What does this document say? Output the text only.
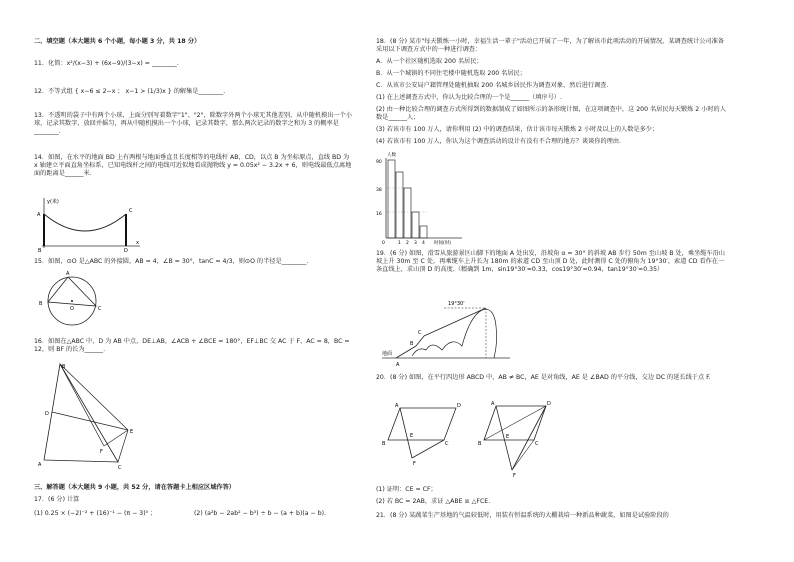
二、填空题（本大题共 6 个小题，每小题 3 分，共 18 分）
11．化简：x²/(x−3) + (6x−9)/(3−x) = ________.
12．不等式组 { x−6 ≤ 2−x ； x−1 > (1/3)x } 的解集是________.
13．不透明的袋子中有两个小球，上面分别写着数字"1"、"2"，除数字外两个小球无其他差别，从中随机摸出一个小球，记录其数字，放回并摇匀，再从中随机摸出一个小球，记录其数字，那么两次记录的数字之和为 3 的概率是________.
14．如图，在水平的地面 BD 上有两根与地面垂直且长度相等的电线杆 AB，CD，以点 B 为坐标原点，直线 BD 为 x 轴建立平面直角坐标系，已知电线杆之间的电线可近似地看成抛物线 y = 0.05x² − 3.2x + 6，则电线最低点离地面的距离是______米.
y(米)
A
C
B	D
x
15．如图，⊙O 是△ABC 的外接圆，AB = 4，∠B = 30°，tanC = 4/3，则⊙O 的半径是________.
A
B
C
O
16．如图在△ABC 中，D 为 AB 中点，DE⊥AB，∠ACB + ∠BCE = 180°，EF⊥BC 交 AC 于 F，AC = 8，BC = 12，则 BF 的长为______.
B
D
A
F
E
C
三、解答题（本大题共 9 小题，共 52 分，请在答题卡上相应区域作答）
17．(6 分) 计算
(1) 0.25 × (−2)⁻² + (16)⁻¹ − (π − 3)⁰ ；	(2) (a²b − 2ab² − b³) ÷ b − (a + b)(a − b).
18．(8 分) 某市"每天锻炼一小时，幸福生活一辈子"活动已开展了一年，为了解该市此项活动的开展情况，某调查统计公司准备采用以下调查方式中的一种进行调查：
A．从一个社区随机选取 200 名居民；
B．从一个城镇的不同住宅楼中随机选取 200 名居民；
C．从该市公安局户籍管理处随机抽取 200 名城乡居民作为调查对象，然后进行调查.
(1) 在上述调查方式中，你认为比较合理的一个是______（填序号）.
(2) 由一种比较合理的调查方式所得到的数据制成了如图所示的条形统计图，在这项调查中，这 200 名居民每天锻炼 2 小时的人数是______人；
(3) 若该市有 100 万人，请你利用 (2) 中的调查结果，估计该市每天锻炼 2 小时及以上的人数是多少；
(4) 若该市有 100 万人，你认为这个调查活动的设计有没有不合理的地方？谈谈你的理由.
人数
90
38
16
0	1 2 3 4 时间(时)
19．(6 分) 如图，滑雪从旅游景区山脚下的地面 A 处出发，沿坡角 α = 30° 的斜坡 AB 步行 50m 至山坡 B 处，乘坐缆车沿山坡上升 30m 至 C 处，再乘缆车上升长为 180m 的索道 CD 至山顶 D 处，此时测得 C 处的俯角为 19°30′，索道 CD 看作在一条直线上，求山顶 D 的高度.（精确到 1m，sin19°30′≈0.33，cos19°30′≈0.94，tan19°30′≈0.35）
19°30'
C
B
A
地面
20．(8 分) 如图，在平行四边形 ABCD 中，AB ≠ BC，AE 是对角线，AE 是 ∠BAD 的平分线，交边 DC 的延长线于点 F.
A	D
B	C
E
F
A	D
B	C
E
F
(1) 证明：CE = CF；
(2) 若 BC = 2AB，求证 △ABE ≌ △FCE.
21．(8 分) 某蔬菜生产基地的气温较低时，用装有恒温系统的大棚栽培一种新品种蔬菜，如图是试验阶段的
